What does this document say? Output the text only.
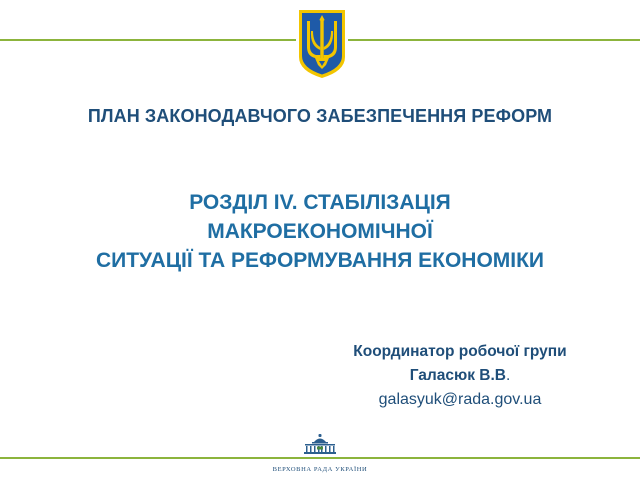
ПЛАН ЗАКОНОДАВЧОГО ЗАБЕЗПЕЧЕННЯ РЕФОРМ
РОЗДІЛ IV. СТАБІЛІЗАЦІЯ
МАКРОЕКОНОМІЧНОЇ
СИТУАЦІЇ ТА РЕФОРМУВАННЯ ЕКОНОМІКИ
Координатор робочої групи
Галасюк В.В.
galasyuk@rada.gov.ua
ВЕРХОВНА РАДА УКРАЇНИ
